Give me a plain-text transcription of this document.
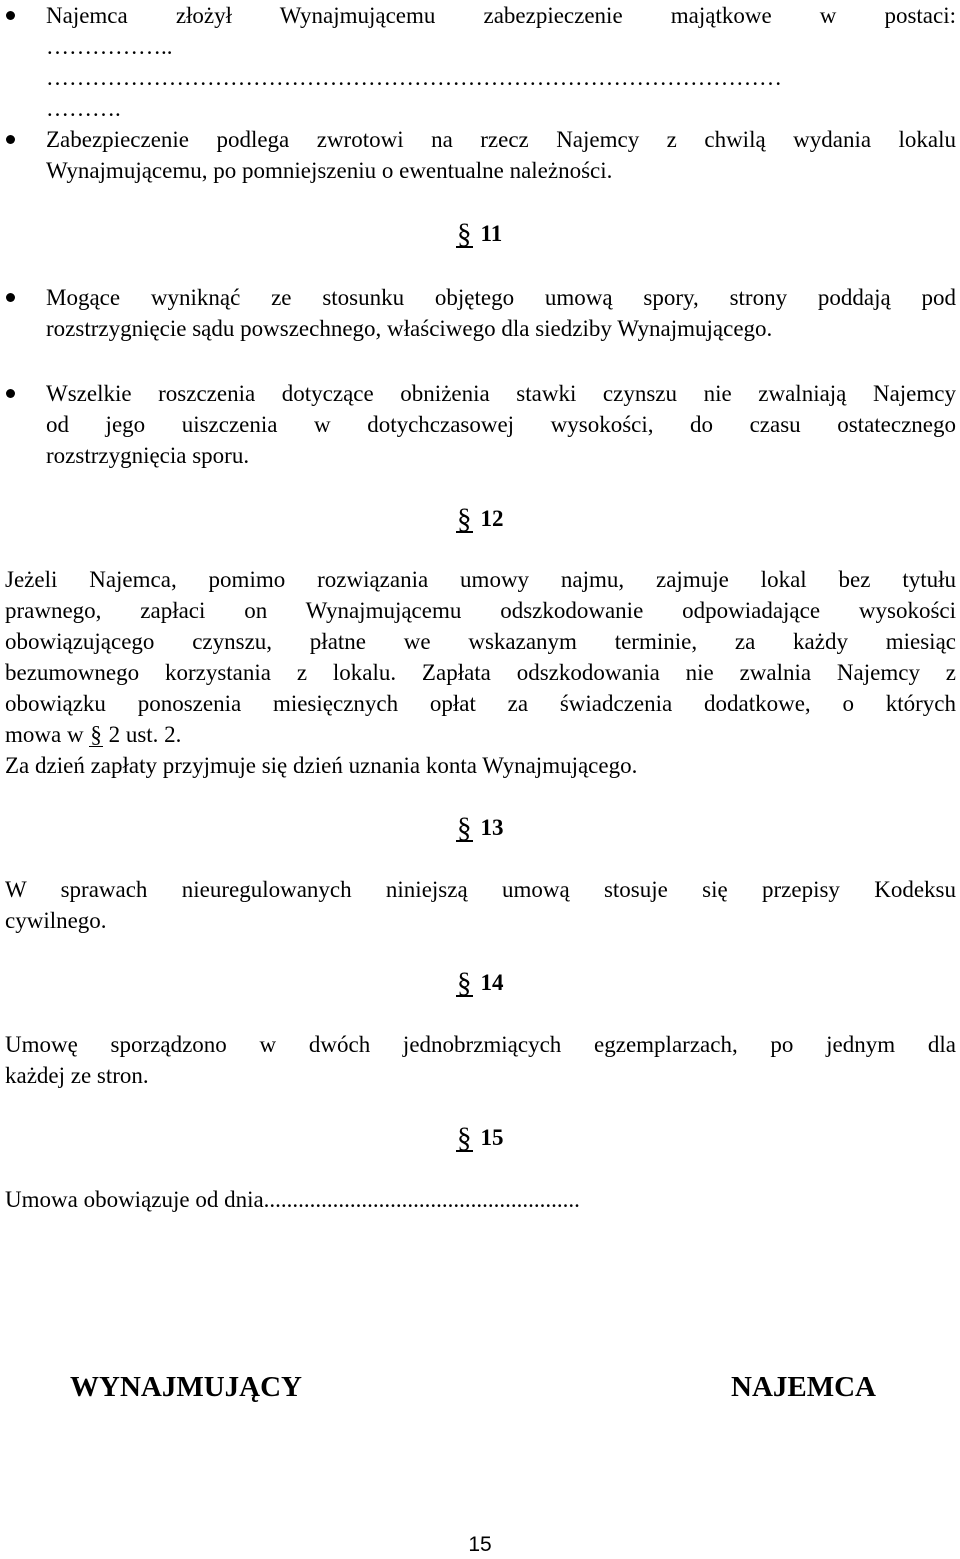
Najemca złożył Wynajmującemu zabezpieczenie majątkowe w postaci:
……………..
……………………………………………………………………………………
……….
Zabezpieczenie podlega zwrotowi na rzecz Najemcy z chwilą wydania lokalu
Wynajmującemu, po pomniejszeniu o ewentualne należności.
§ 11
Mogące wyniknąć ze stosunku objętego umową spory, strony poddają pod
rozstrzygnięcie sądu powszechnego, właściwego dla siedziby Wynajmującego.
Wszelkie roszczenia dotyczące obniżenia stawki czynszu nie zwalniają Najemcy
od jego uiszczenia w dotychczasowej wysokości, do czasu ostatecznego
rozstrzygnięcia sporu.
§ 12
Jeżeli Najemca, pomimo rozwiązania umowy najmu, zajmuje lokal bez tytułu
prawnego, zapłaci on Wynajmującemu odszkodowanie odpowiadające wysokości
obowiązującego czynszu, płatne we wskazanym terminie, za każdy miesiąc
bezumownego korzystania z lokalu. Zapłata odszkodowania nie zwalnia Najemcy z
obowiązku ponoszenia miesięcznych opłat za świadczenia dodatkowe, o których
mowa w § 2 ust. 2.
Za dzień zapłaty przyjmuje się dzień uznania konta Wynajmującego.
§ 13
W sprawach nieuregulowanych niniejszą umową stosuje się przepisy Kodeksu
cywilnego.
§ 14
Umowę sporządzono w dwóch jednobrzmiących egzemplarzach, po jednym dla
każdej ze stron.
§ 15
Umowa obowiązuje od dnia.......................................................
WYNAJMUJĄCY	NAJEMCA
15
